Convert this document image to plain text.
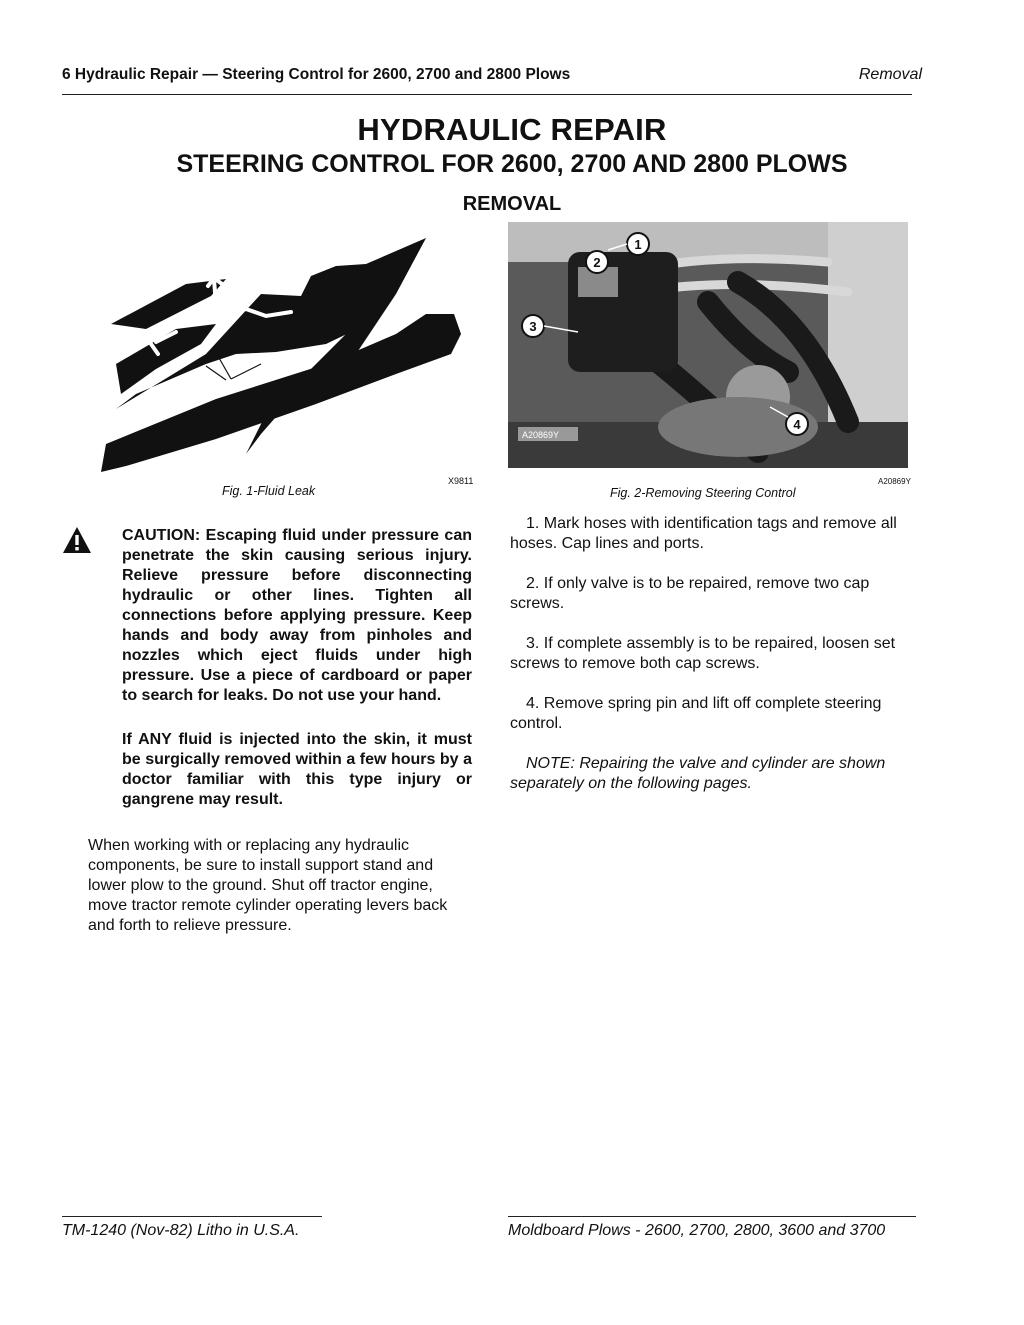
6 Hydraulic Repair — Steering Control for 2600, 2700 and 2800 Plows	Removal
HYDRAULIC REPAIR
STEERING CONTROL FOR 2600, 2700 AND 2800 PLOWS
REMOVAL
X9811
Fig. 1-Fluid Leak
A20869Y
1
2
3
4
A20869Y
Fig. 2-Removing Steering Control
CAUTION: Escaping fluid under pressure can penetrate the skin causing serious injury. Relieve pressure before disconnecting hydraulic or other lines. Tighten all connections before applying pressure. Keep hands and body away from pinholes and nozzles which eject fluids under high pressure. Use a piece of cardboard or paper to search for leaks. Do not use your hand.
If ANY fluid is injected into the skin, it must be surgically removed within a few hours by a doctor familiar with this type injury or gangrene may result.
When working with or replacing any hydraulic components, be sure to install support stand and lower plow to the ground. Shut off tractor engine, move tractor remote cylinder operating levers back and forth to relieve pressure.

1. Mark hoses with identification tags and remove all hoses. Cap lines and ports.

2. If only valve is to be repaired, remove two cap screws.

3. If complete assembly is to be repaired, loosen set screws to remove both cap screws.

4. Remove spring pin and lift off complete steering control.

NOTE: Repairing the valve and cylinder are shown separately on the following pages.

TM-1240 (Nov-82) Litho in U.S.A.	Moldboard Plows - 2600, 2700, 2800, 3600 and 3700
